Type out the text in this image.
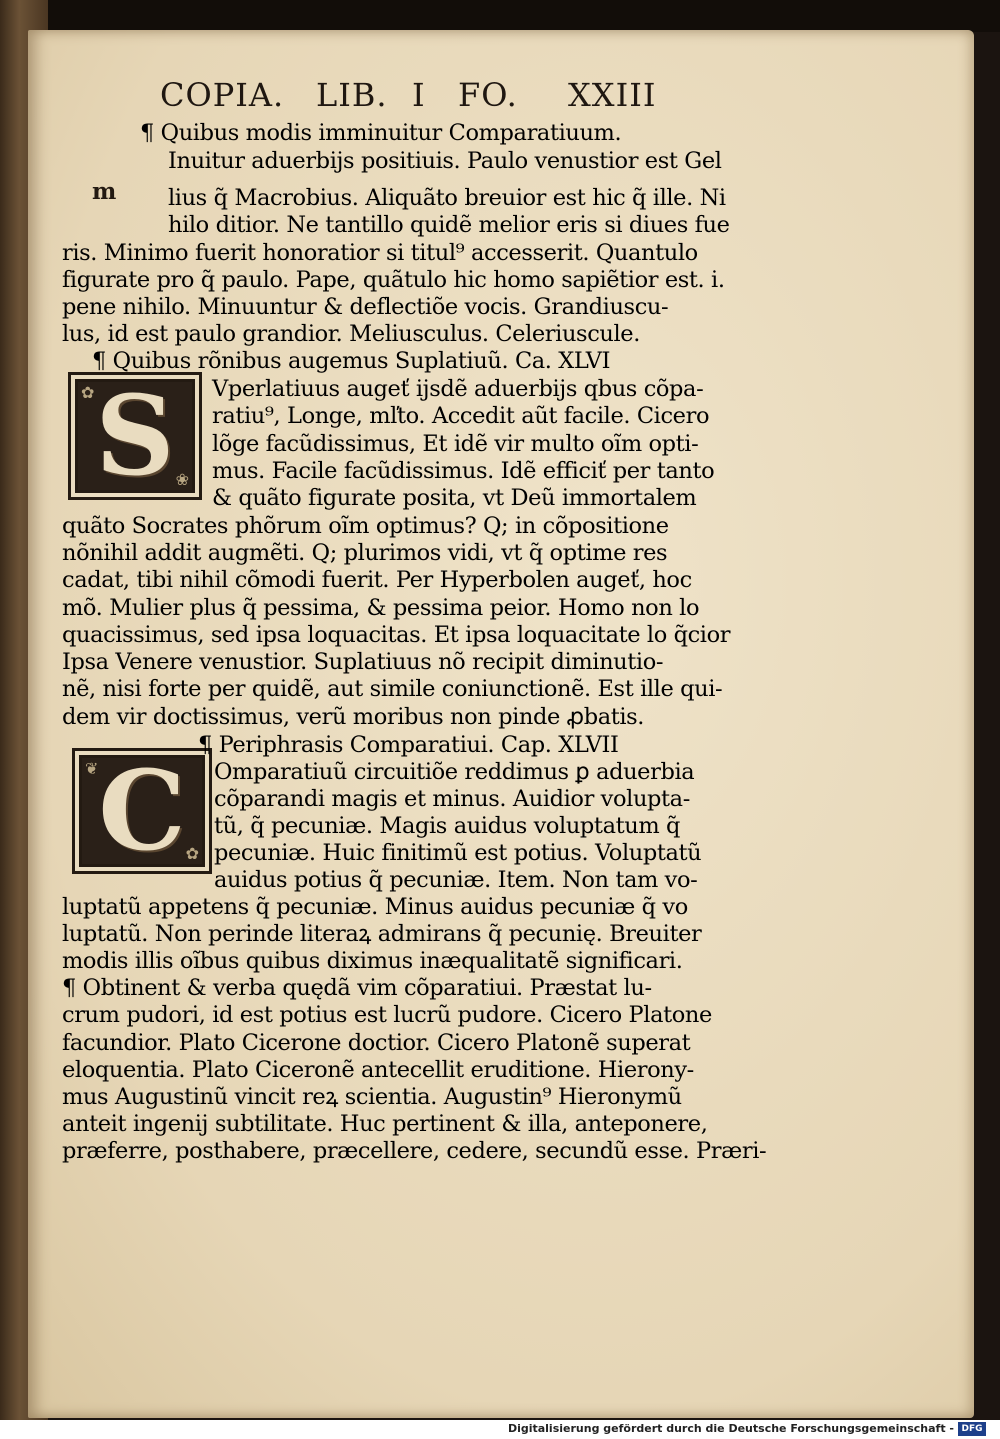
COPIA. LIB. I FO. XXIII
m
✿
❀
S
❦
✿
C
¶ Quibus modis imminuitur Comparatiuum.
Inuitur aduerbijs positiuis. Paulo venustior est Gel
lius q̃ Macrobius. Aliquãto breuior est hic q̃ ille. Ni
hilo ditior. Ne tantillo quidẽ melior eris si diues fue
ris. Minimo fuerit honoratior si titul⁹ accesserit. Quantulo
figurate pro q̃ paulo. Pape, quãtulo hic homo sapiẽtior est. i.
pene nihilo. Minuuntur & deflectiõe vocis. Grandiuscu-
lus, id est paulo grandior. Meliusculus. Celeriuscule.
¶ Quibus rõnibus augemus Suplatiuũ. Ca. XLVI
Vperlatiuus augeť ijsdẽ aduerbijs qbus cõpa-
ratiu⁹, Longe, mľto. Accedit aũt facile. Cicero
lõge facũdissimus, Et idẽ vir multo oĩm opti-
mus. Facile facũdissimus. Idẽ efficiť per tanto
& quãto figurate posita, vt Deũ immortalem
quãto Socrates phõrum oĩm optimus? Q; in cõpositione
nõnihil addit augmẽti. Q; plurimos vidi, vt q̃ optime res
cadat, tibi nihil cõmodi fuerit. Per Hyperbolen augeť, hoc
mõ. Mulier plus q̃ pessima, & pessima peior. Homo non lo
quacissimus, sed ipsa loquacitas. Et ipsa loquacitate lo q̃cior
Ipsa Venere venustior. Suplatiuus nõ recipit diminutio-
nẽ, nisi forte per quidẽ, aut simile coniunctionẽ. Est ille qui-
dem vir doctissimus, verũ moribus non pinde ꝓbatis.
¶ Periphrasis Comparatiui. Cap. XLVII
Omparatiuũ circuitiõe reddimus ꝑ aduerbia
cõparandi magis et minus. Auidior volupta-
tũ, q̃ pecuniæ. Magis auidus voluptatum q̃
pecuniæ. Huic finitimũ est potius. Voluptatũ
auidus potius q̃ pecuniæ. Item. Non tam vo-
luptatũ appetens q̃ pecuniæ. Minus auidus pecuniæ q̃ vo
luptatũ. Non perinde literaꝝ admirans q̃ pecunię. Breuiter
modis illis oĩbus quibus diximus inæqualitatẽ significari.
¶ Obtinent & verba quędã vim cõparatiui. Præstat lu-
crum pudori, id est potius est lucrũ pudore. Cicero Platone
facundior. Plato Cicerone doctior. Cicero Platonẽ superat
eloquentia. Plato Ciceronẽ antecellit eruditione. Hierony-
mus Augustinũ vincit reꝝ scientia. Augustin⁹ Hieronymũ
anteit ingenij subtilitate. Huc pertinent & illa, anteponere,
præferre, posthabere, præcellere, cedere, secundũ esse. Præri-
Digitalisierung gefördert durch die Deutsche Forschungsgemeinschaft - DFG
